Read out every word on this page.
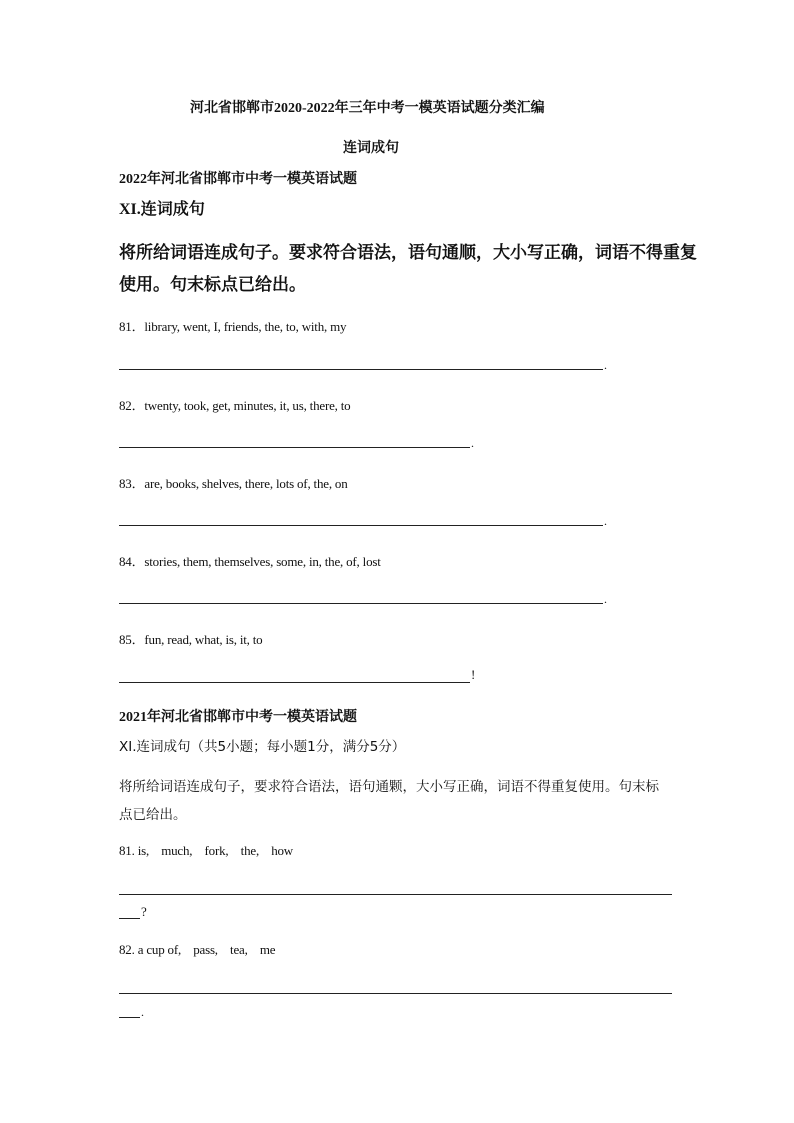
河北省邯郸市2020-2022年三年中考一模英语试题分类汇编
连词成句
2022年河北省邯郸市中考一模英语试题
XI.连词成句
将所给词语连成句子。要求符合语法，语句通顺，大小写正确，词语不得重复
使用。句末标点已给出。
81．library, went, I, friends, the, to, with, my
.
82．twenty, took, get, minutes, it, us, there, to
.
83．are, books, shelves, there, lots of, the, on
.
84．stories, them, themselves, some, in, the, of, lost
.
85．fun, read, what, is, it, to
!
2021年河北省邯郸市中考一模英语试题
XI.连词成句（共5小题；每小题1分，满分5分）
将所给词语连成句子，要求符合语法，语句通颗，大小写正确，词语不得重复使用。句末标
点已给出。
81. is,    much,    fork,    the,    how
?
82. a cup of,    pass,    tea,    me
.
